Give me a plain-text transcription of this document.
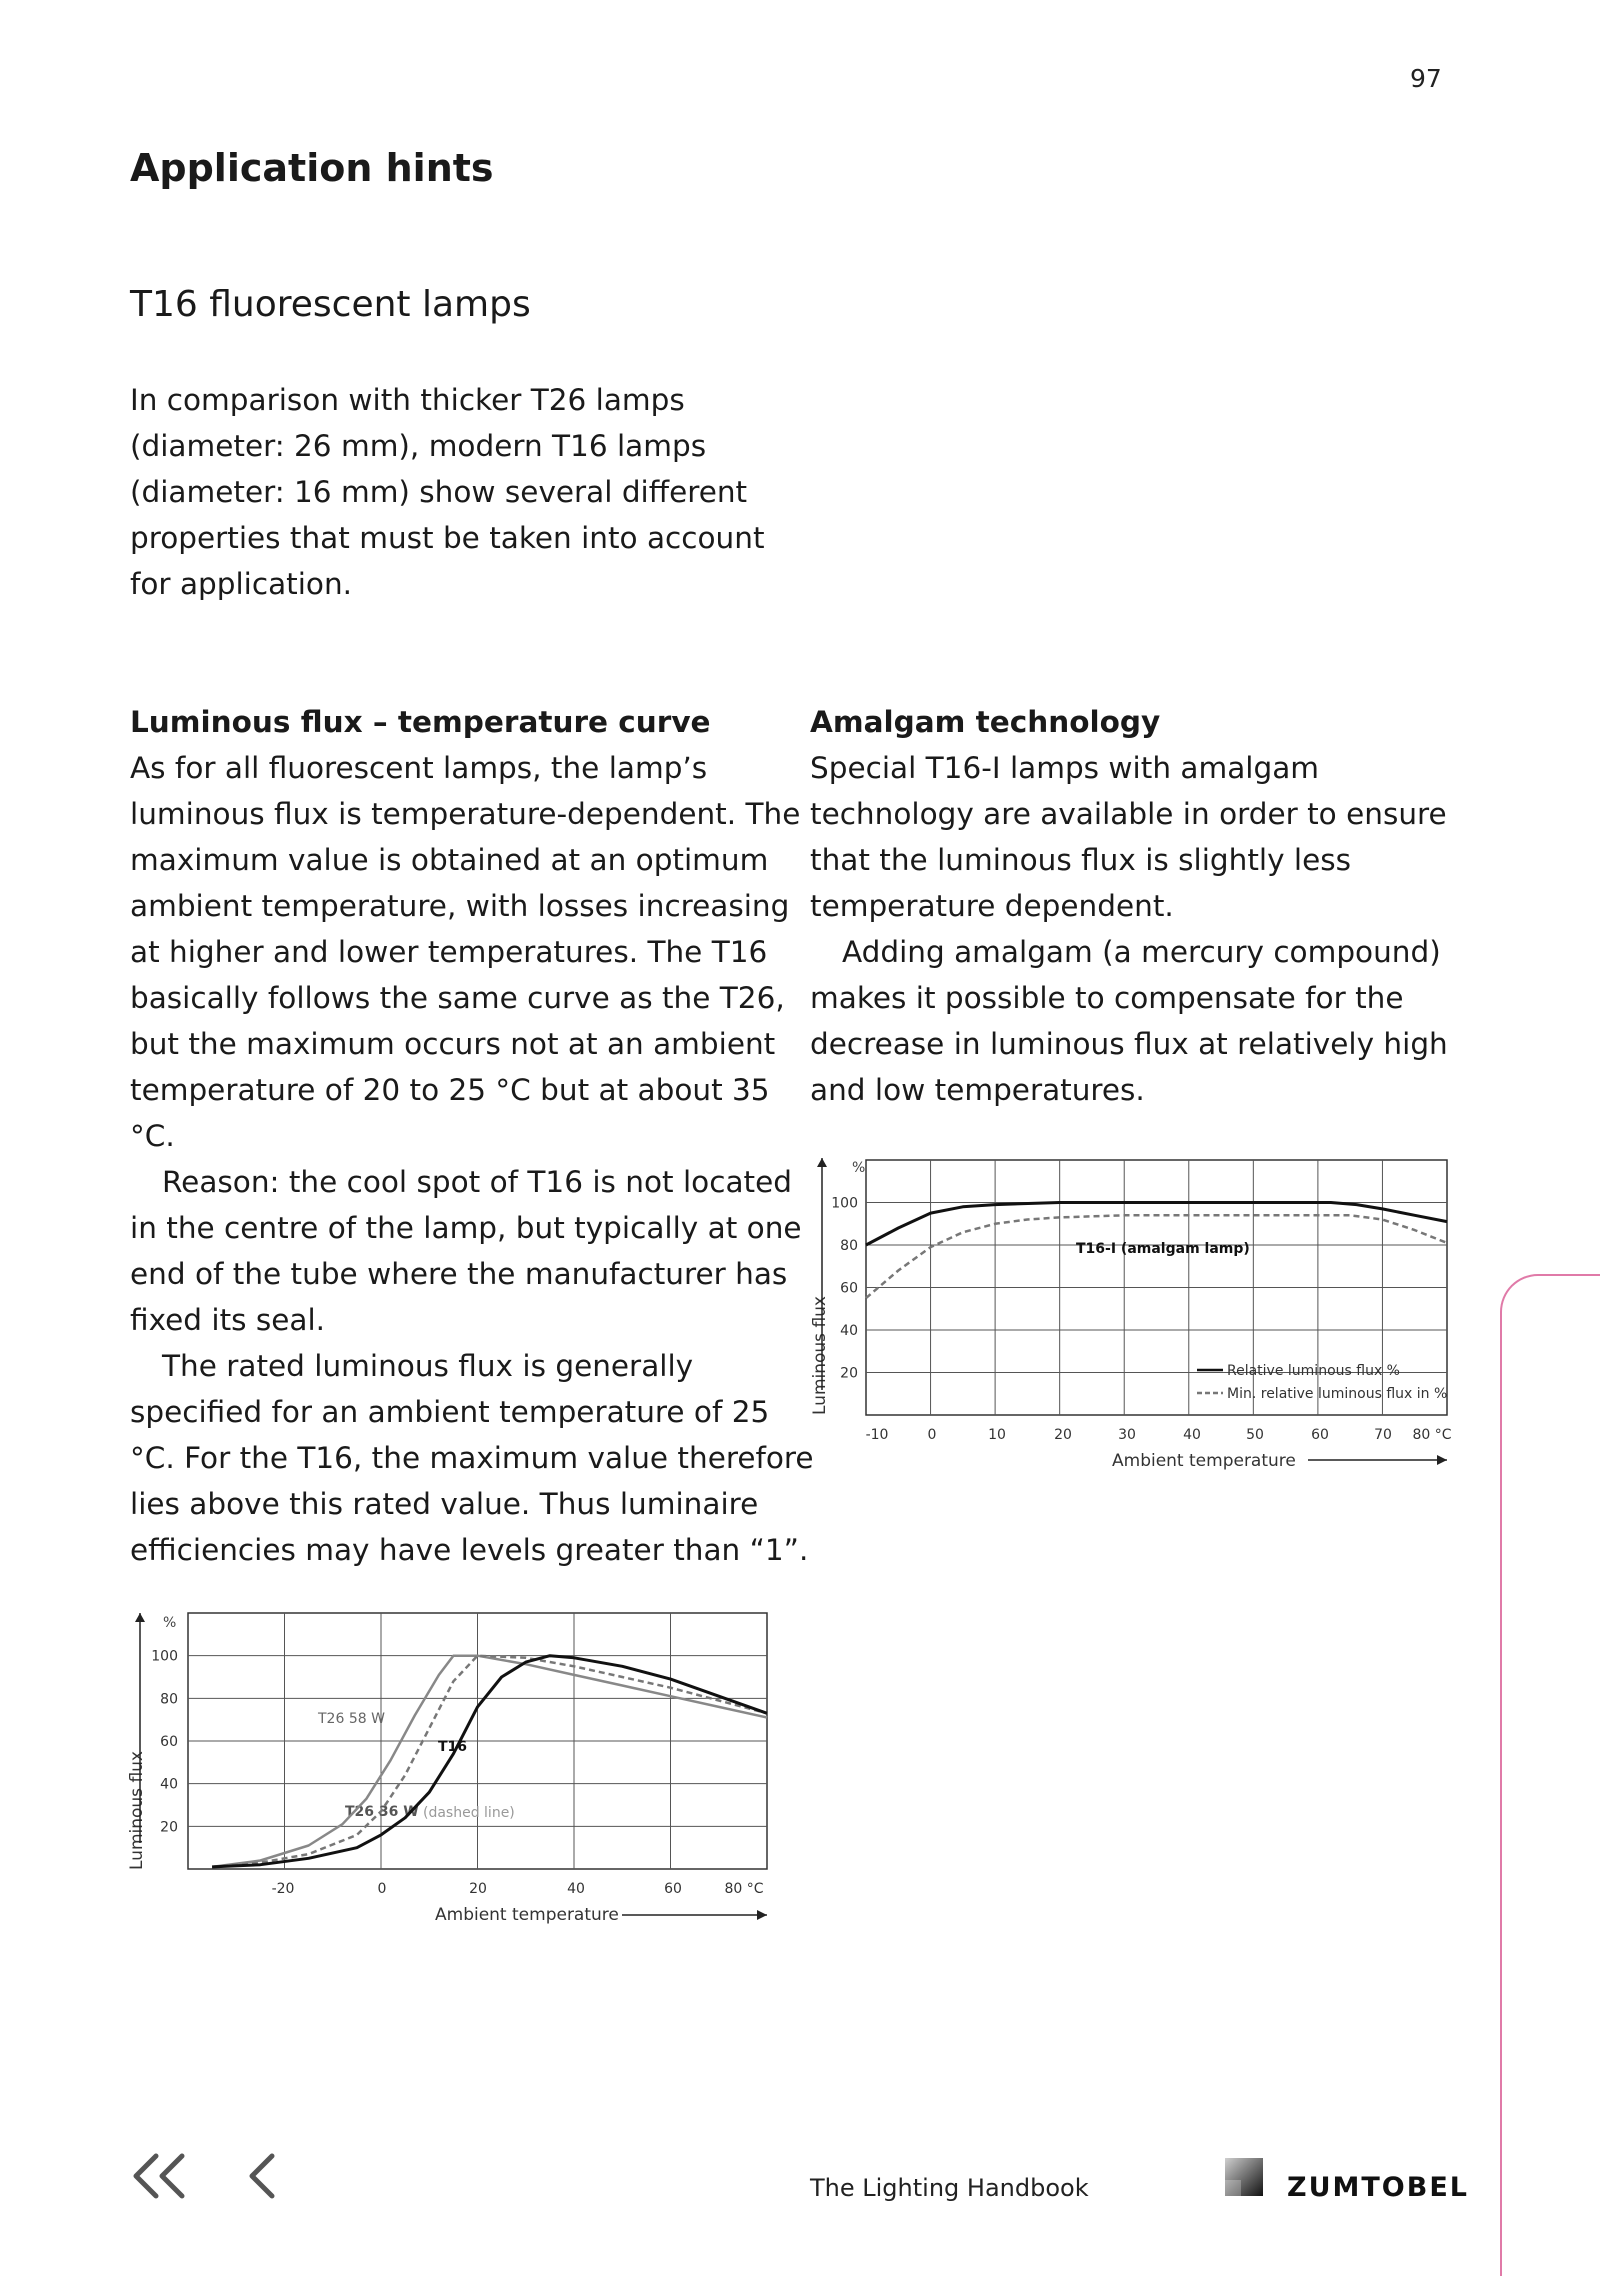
97
Application hints
T16 fluorescent lamps

In comparison with thicker T26 lamps (diameter: 26 mm), modern T16 lamps (diameter: 16 mm) show several different properties that must be taken into account for application.

Luminous flux – temperature curve

As for all fluorescent lamps, the lamp’s luminous flux is temperature-dependent. The maximum value is obtained at an optimum ambient temperature, with losses increasing at higher and lower temperatures. The T16 basically follows the same curve as the T26, but the maximum occurs not at an ambient temperature of 20 to 25 °C but at about 35 °C.

Reason: the cool spot of T16 is not located in the centre of the lamp, but typically at one end of the tube where the manufacturer has fixed its seal.

The rated luminous flux is generally specified for an ambient temperature of 25 °C. For the T16, the maximum value therefore lies above this rated value. Thus luminaire efficiencies may have levels greater than “1”.

Amalgam technology

Special T16-I lamps with amalgam technology are available in order to ensure that the luminous flux is slightly less temperature dependent.

Adding amalgam (a mercury compound) makes it possible to compensate for the decrease in luminous flux at relatively high and low temperatures.

%
Luminous flux
Ambient temperature
T16-I (amalgam lamp)
Relative luminous flux %
Min. relative luminous flux in %
-10	0	10	20	30	40	50	60	70 80 °C
20
40
60
80
100
%
Luminous flux
Ambient temperature
T26 58 W
T16
T26 36 W (dashed line)
-20	0	20	40	60	80 °C
20
40
60
80
100
The Lighting Handbook	ZUMTOBEL
